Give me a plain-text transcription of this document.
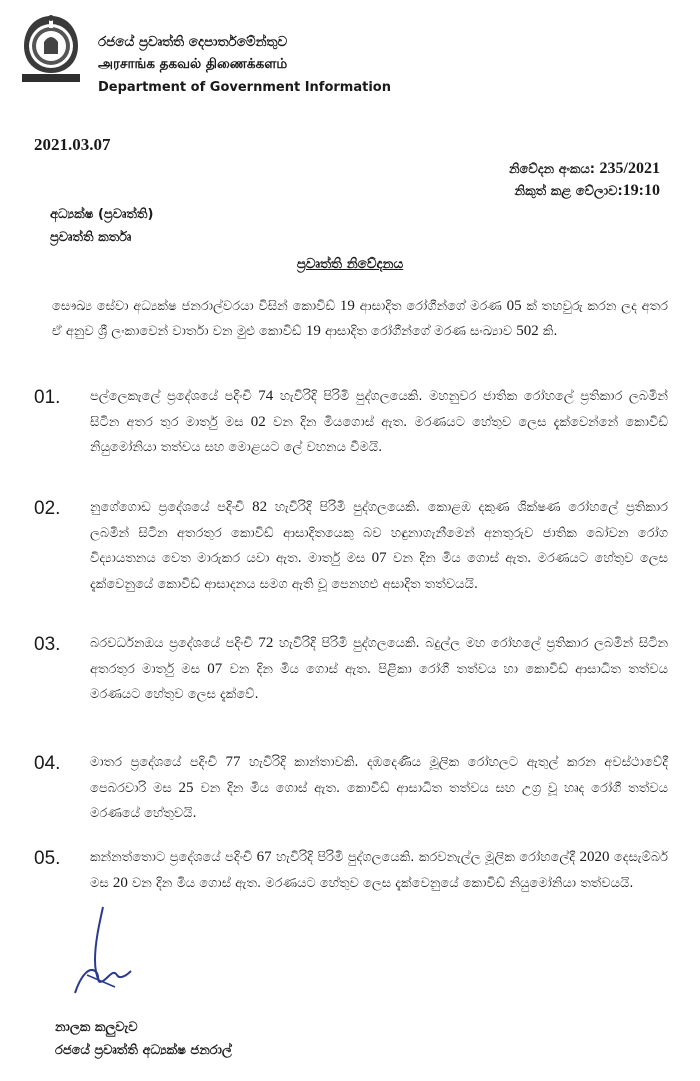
රජයේ ප්‍රවෘත්ති දෙපාර්තමේන්තුව
அரசாங்க தகவல் திணைக்களம்
Department of Government Information
2021.03.07
නිවේදන අංකය: 235/2021
නිකුත් කළ වේලාව:19:10
අධ්‍යක්ෂ (ප්‍රවෘත්ති)
ප්‍රවෘත්ති කර්තෘ
ප්‍රවෘත්ති නිවේදනය
සෞඛ්‍ය සේවා අධ්‍යක්ෂ ජනරාල්වරයා විසින් කොවිඩ් 19 ආසාදිත රෝගීන්ගේ මරණ 05 ක් තහවුරු කරන ලද අතර ඒ අනුව ශ්‍රී ලංකාවෙන් වාර්තා වන මුළු කොවිඩ් 19 ආසාදිත රෝගීන්ගේ මරණ සංඛ්‍යාව 502 කි.
01. පල්ලෙකැලේ ප්‍රදේශයේ පදිංචි 74 හැවිරිදි පිරිමි පුද්ගලයෙකි. මහනුවර ජාතික රෝහලේ ප්‍රතිකාර ලබමින් සිටින අතර තුර මාර්තු මස 02 වන දින මියගොස් ඇත. මරණයට හේතුව ලෙස දැක්වෙන්නේ කොවිඩ් නියුමෝනියා තත්වය සහ මොළයට ලේ වහනය වීමයි.
02. නුගේගොඩ ප්‍රදේශයේ පදිංචි 82 හැවිරිදි පිරිමි පුද්ගලයෙකි. කොළඹ දකුණ ශික්ෂණ රෝහලේ ප්‍රතිකාර ලබමින් සිටින අතරතුර කොවිඩ් ආසාදිතයෙකු බව හඳුනාගැනීමෙන් අනතුරුව ජාතික බෝවන රෝග විද්‍යායතනය වෙත මාරුකර යවා ඇත. මාර්තු මස 07 වන දින මිය ගොස් ඇත. මරණයට හේතුව ලෙස දැක්වෙනුයේ කොවිඩ් ආසාදනය සමග ඇති වූ පෙනහළු අසාදිත තත්වයයි.
03. බරවර්ධනඔය ප්‍රදේශයේ පදිංචි 72 හැවිරිදි පිරිමි පුද්ගලයෙකි. බදුල්ල මහ රෝහලේ ප්‍රතිකාර ලබමින් සිටින අතරතුර මාර්තු මස 07 වන දින මිය ගොස් ඇත. පිළිකා රෝගී තත්වය හා කොවිඩ් ආසාධිත තත්වය මරණයට හේතුව ලෙස දැක්වේ.
04. මාතර ප්‍රදේශයේ පදිංචි 77 හැවිරිදි කාන්තාවකි. දඹදෙණිය මූලික රෝහලට ඇතුල් කරන අවස්ථාවේදී පෙබරවාරි මස 25 වන දින මිය ගොස් ඇත. කොවිඩ් ආසාධිත තත්වය සහ උග්‍ර වූ හෘද රෝගී තත්වය මරණයේ හේතුවයි.
05. කන්නත්තොට ප්‍රදේශයේ පදිංචි 67 හැවිරිදි පිරිමි පුද්ගලයෙකි. කරවනැල්ල මූලික රෝහලේදී 2020 දෙසැම්බර් මස 20 වන දින මිය ගොස් ඇත. මරණයට හේතුව ලෙස දැක්වෙනුයේ කොවිඩ් නියුමෝනියා තත්වයයි.
නාලක කලුවැව
රජයේ ප්‍රවෘත්ති අධ්‍යක්ෂ ජනරාල්
